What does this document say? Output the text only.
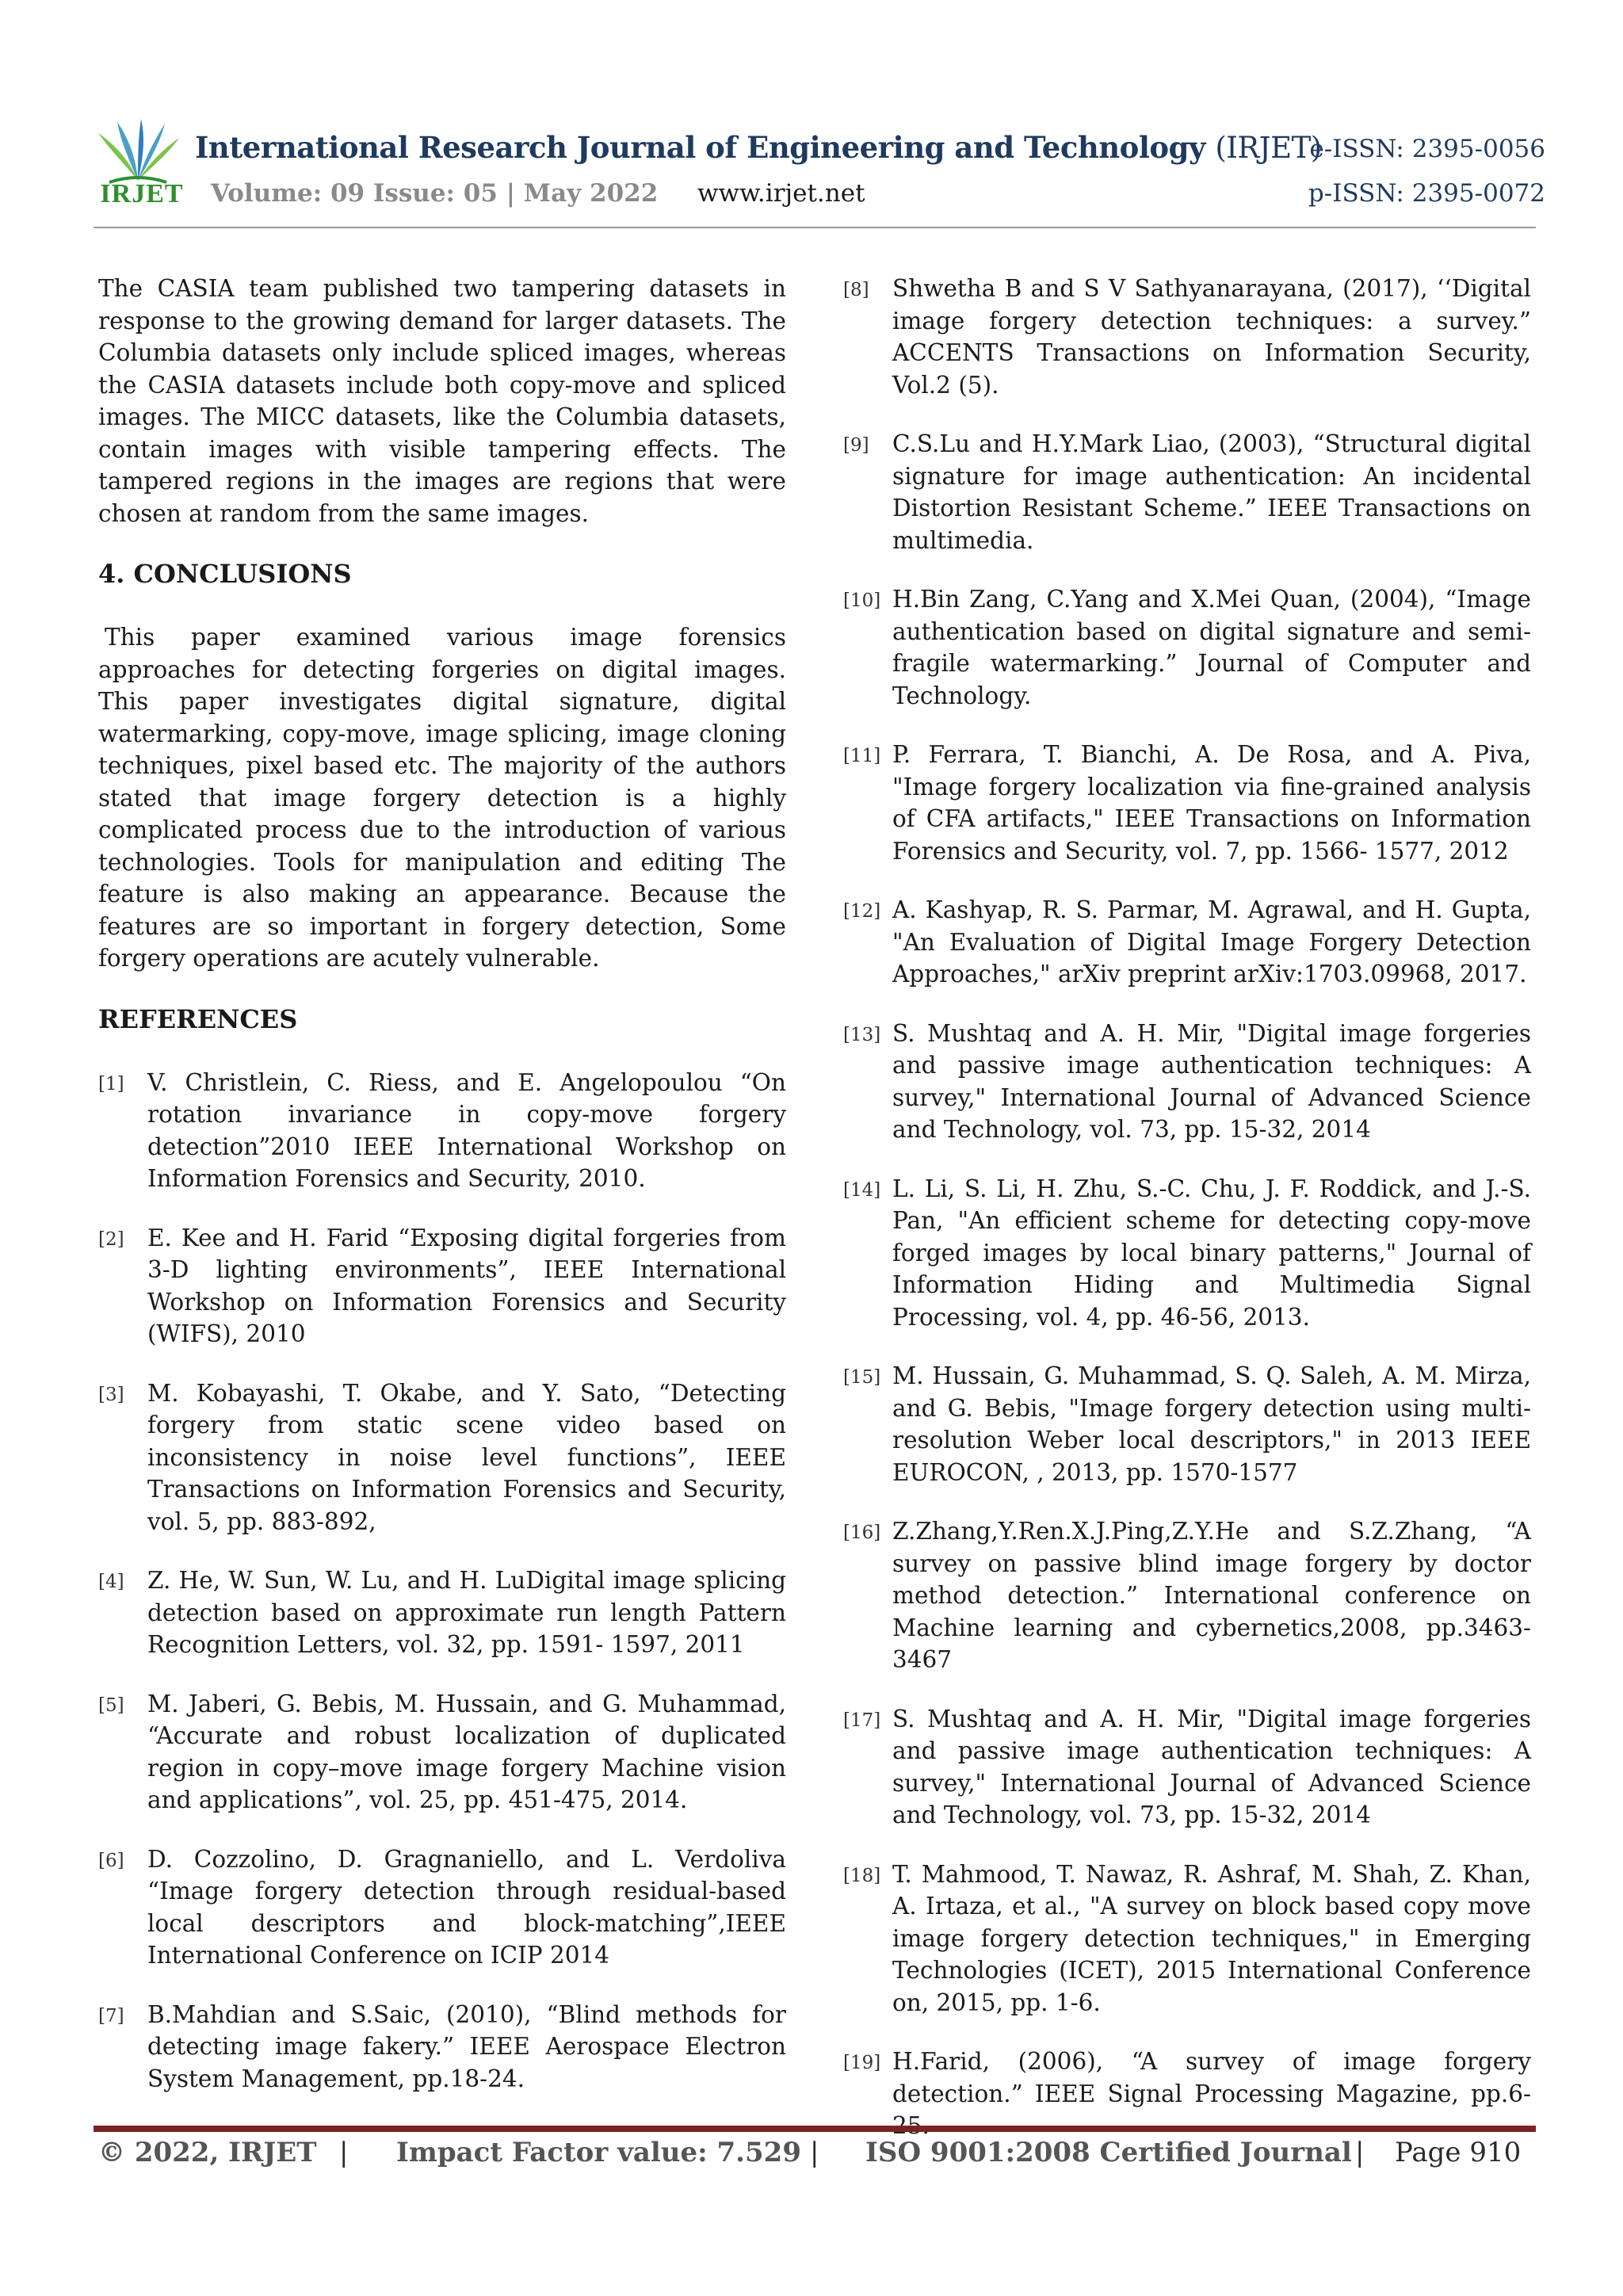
IRJET
International Research Journal of Engineering and Technology (IRJET)
e-ISSN: 2395-0056
Volume: 09 Issue: 05 | May 2022 www.irjet.net	p-ISSN: 2395-0072

The CASIA team published two tampering datasets in response to the growing demand for larger datasets. The Columbia datasets only include spliced images, whereas the CASIA datasets include both copy-move and spliced images. The MICC datasets, like the Columbia datasets, contain images with visible tampering effects. The tampered regions in the images are regions that were chosen at random from the same images.

4. CONCLUSIONS

This paper examined various image forensics approaches for detecting forgeries on digital images. This paper investigates digital signature, digital watermarking, copy-move, image splicing, image cloning techniques, pixel based etc. The majority of the authors stated that image forgery detection is a highly complicated process due to the introduction of various technologies. Tools for manipulation and editing The feature is also making an appearance. Because the features are so important in forgery detection, Some forgery operations are acutely vulnerable.

REFERENCES
[1] V. Christlein, C. Riess, and E. Angelopoulou “On rotation invariance in copy-move forgery detection”2010 IEEE International Workshop on Information Forensics and Security, 2010.
[2] E. Kee and H. Farid “Exposing digital forgeries from 3-D lighting environments”, IEEE International Workshop on Information Forensics and Security (WIFS), 2010
[3] M. Kobayashi, T. Okabe, and Y. Sato, “Detecting forgery from static scene video based on inconsistency in noise level functions”, IEEE Transactions on Information Forensics and Security, vol. 5, pp. 883-892,
[4] Z. He, W. Sun, W. Lu, and H. LuDigital image splicing detection based on approximate run length Pattern Recognition Letters, vol. 32, pp. 1591- 1597, 2011
[5] M. Jaberi, G. Bebis, M. Hussain, and G. Muhammad, “Accurate and robust localization of duplicated region in copy–move image forgery Machine vision and applications”, vol. 25, pp. 451-475, 2014.
[6] D. Cozzolino, D. Gragnaniello, and L. Verdoliva “Image forgery detection through residual-based local descriptors and block-matching”,IEEE International Conference on ICIP 2014
[7] B.Mahdian and S.Saic, (2010), “Blind methods for detecting image fakery.” IEEE Aerospace Electron System Management, pp.18-24.
[8] Shwetha B and S V Sathyanarayana, (2017), ‘‘Digital image forgery detection techniques: a survey.” ACCENTS Transactions on Information Security, Vol.2 (5).
[9] C.S.Lu and H.Y.Mark Liao, (2003), “Structural digital signature for image authentication: An incidental Distortion Resistant Scheme.” IEEE Transactions on multimedia.
[10] H.Bin Zang, C.Yang and X.Mei Quan, (2004), “Image authentication based on digital signature and semi-fragile watermarking.” Journal of Computer and Technology.
[11] P. Ferrara, T. Bianchi, A. De Rosa, and A. Piva, "Image forgery localization via fine-grained analysis of CFA artifacts," IEEE Transactions on Information Forensics and Security, vol. 7, pp. 1566- 1577, 2012
[12] A. Kashyap, R. S. Parmar, M. Agrawal, and H. Gupta, "An Evaluation of Digital Image Forgery Detection Approaches," arXiv preprint arXiv:1703.09968, 2017.
[13] S. Mushtaq and A. H. Mir, "Digital image forgeries and passive image authentication techniques: A survey," International Journal of Advanced Science and Technology, vol. 73, pp. 15-32, 2014
[14] L. Li, S. Li, H. Zhu, S.-C. Chu, J. F. Roddick, and J.-S. Pan, "An efficient scheme for detecting copy-move forged images by local binary patterns," Journal of Information Hiding and Multimedia Signal Processing, vol. 4, pp. 46-56, 2013.
[15] M. Hussain, G. Muhammad, S. Q. Saleh, A. M. Mirza, and G. Bebis, "Image forgery detection using multi-resolution Weber local descriptors," in 2013 IEEE EUROCON, , 2013, pp. 1570-1577
[16] Z.Zhang,Y.Ren.X.J.Ping,Z.Y.He and S.Z.Zhang, “A survey on passive blind image forgery by doctor method detection.” International conference on Machine learning and cybernetics,2008, pp.3463-3467
[17] S. Mushtaq and A. H. Mir, "Digital image forgeries and passive image authentication techniques: A survey," International Journal of Advanced Science and Technology, vol. 73, pp. 15-32, 2014
[18] T. Mahmood, T. Nawaz, R. Ashraf, M. Shah, Z. Khan, A. Irtaza, et al., "A survey on block based copy move image forgery detection techniques," in Emerging Technologies (ICET), 2015 International Conference on, 2015, pp. 1-6.
[19] H.Farid, (2006), “A survey of image forgery detection.” IEEE Signal Processing Magazine, pp.6-
© 2022, IRJET | Impact Factor value: 7.529 | ISO 9001:2008 Certified Journal | Page 910
